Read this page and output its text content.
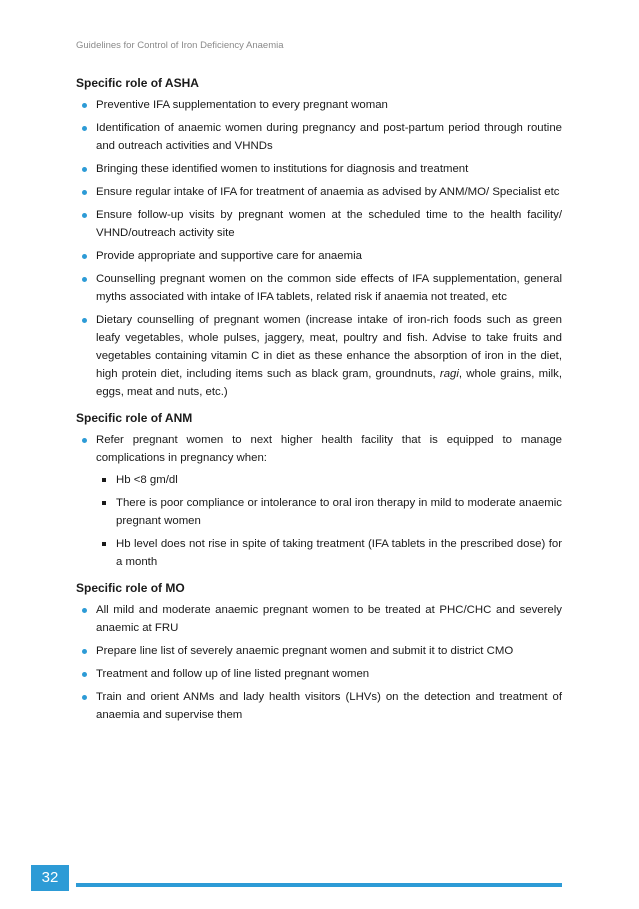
Guidelines for Control of Iron Deficiency Anaemia
Specific role of ASHA
Preventive IFA supplementation to every pregnant woman
Identification of anaemic women during pregnancy and post-partum period through routine and outreach activities and VHNDs
Bringing these identified women to institutions for diagnosis and treatment
Ensure regular intake of IFA for treatment of anaemia as advised by ANM/MO/ Specialist etc
Ensure follow-up visits by pregnant women at the scheduled time to the health facility/ VHND/outreach activity site
Provide appropriate and supportive care for anaemia
Counselling pregnant women on the common side effects of IFA supplementation, general myths associated with intake of IFA tablets, related risk if anaemia not treated, etc
Dietary counselling of pregnant women (increase intake of iron-rich foods such as green leafy vegetables, whole pulses, jaggery, meat, poultry and fish. Advise to take fruits and vegetables containing vitamin C in diet as these enhance the absorption of iron in the diet, high protein diet, including items such as black gram, groundnuts, ragi, whole grains, milk, eggs, meat and nuts, etc.)
Specific role of ANM
Refer pregnant women to next higher health facility that is equipped to manage complications in pregnancy when:
Hb <8 gm/dl
There is poor compliance or intolerance to oral iron therapy in mild to moderate anaemic pregnant women
Hb level does not rise in spite of taking treatment (IFA tablets in the prescribed dose) for a month
Specific role of MO
All mild and moderate anaemic pregnant women to be treated at PHC/CHC and severely anaemic at FRU
Prepare line list of severely anaemic pregnant women and submit it to district CMO
Treatment and follow up of line listed pregnant women
Train and orient ANMs and lady health visitors (LHVs) on the detection and treatment of anaemia and supervise them
32
